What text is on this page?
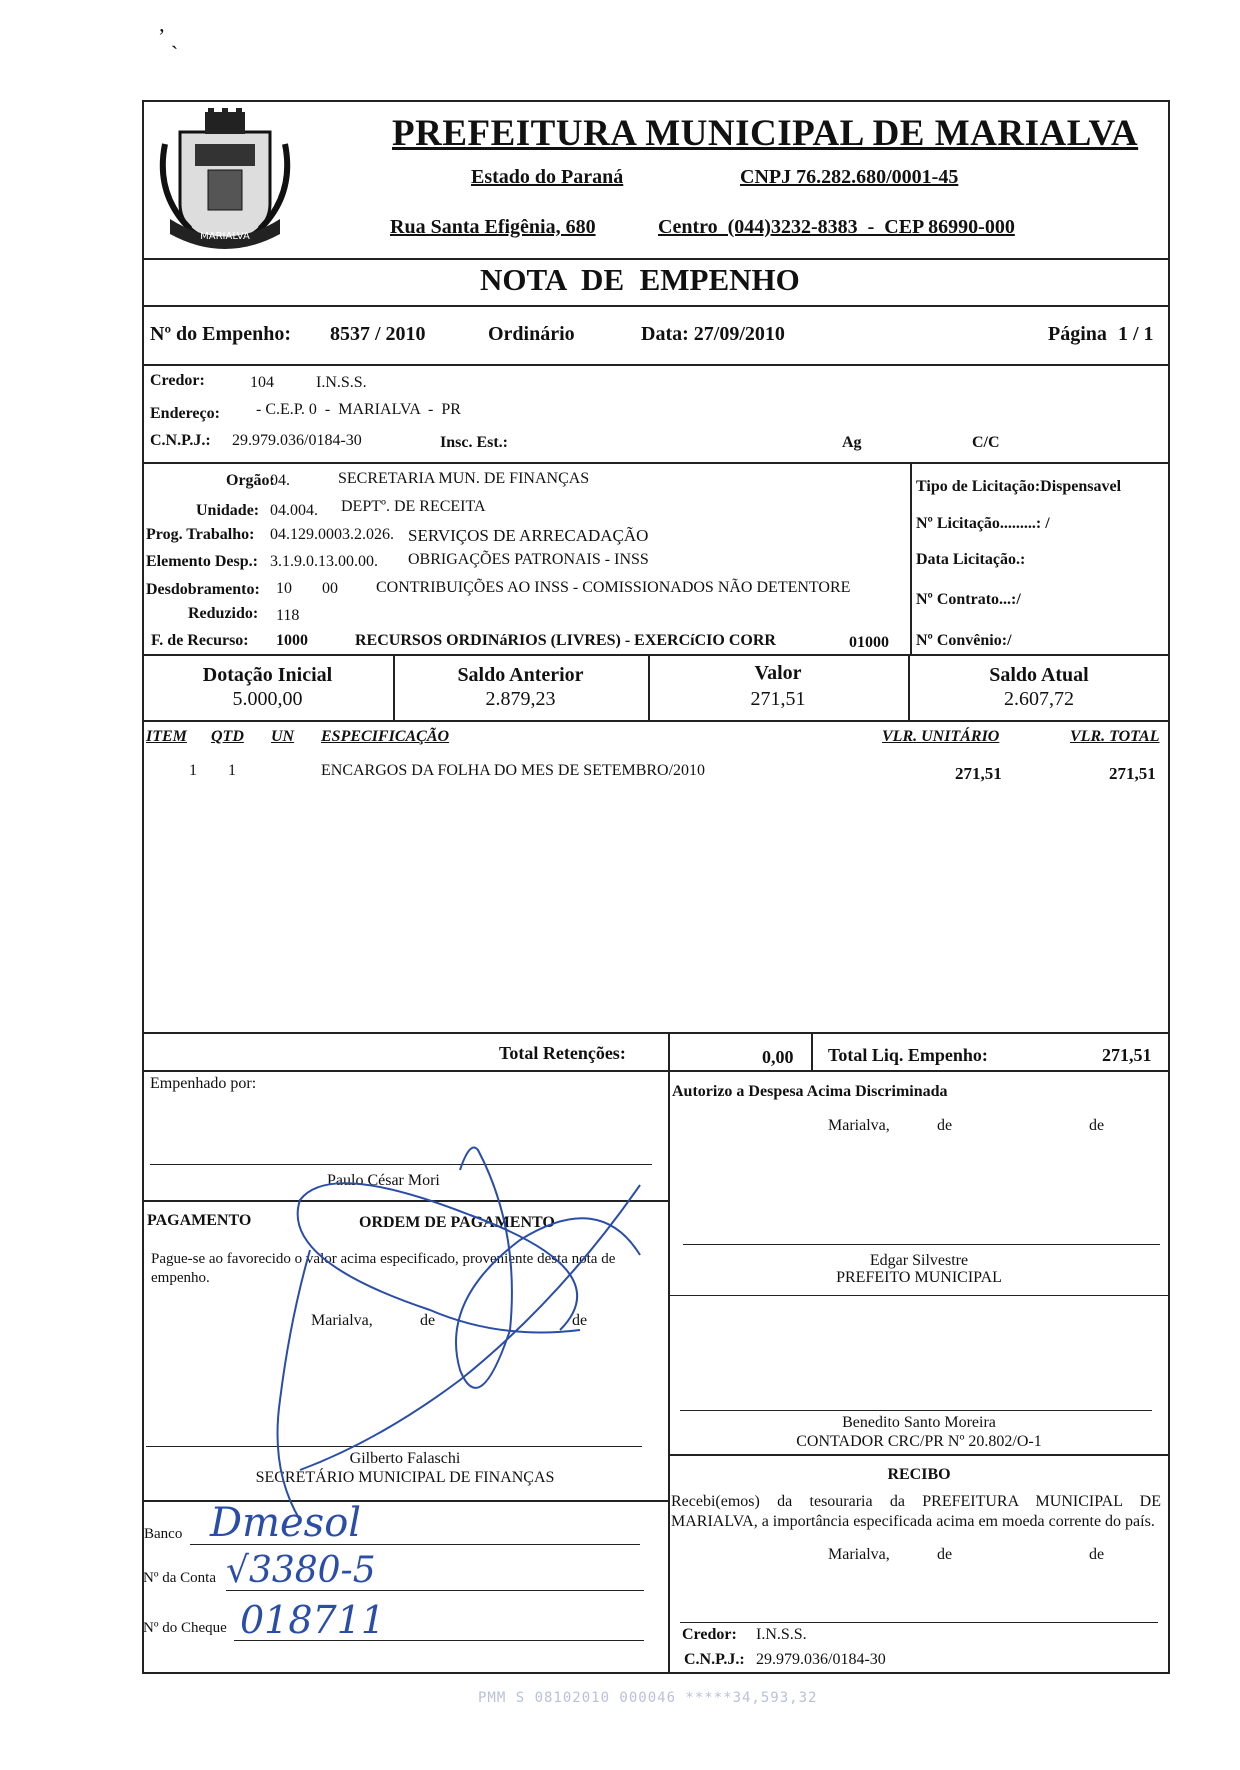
ʼ ˎ
MARIALVA
PREFEITURA MUNICIPAL DE MARIALVA
Estado do Paraná	CNPJ 76.282.680/0001-45
Rua Santa Efigênia, 680	Centro  (044)3232-8383  -  CEP 86990-000
NOTA  DE  EMPENHO
Nº do Empenho: 8537 / 2010	Ordinário	Data: 27/09/2010	Página 1 / 1
Credor:	104	I.N.S.S.
Endereço: - C.E.P. 0  -  MARIALVA  -  PR
C.N.P.J.: 29.979.036/0184-30	Insc. Est.:	Ag	C/C
Orgão:
04.	SECRETARIA MUN. DE FINANÇAS
Unidade: 04.004. DEPTº. DE RECEITA
Prog. Trabalho: 04.129.0003.2.026. SERVIÇOS DE ARRECADAÇÃO
Elemento Desp.: 3.1.9.0.13.00.00. OBRIGAÇÕES PATRONAIS - INSS
Desdobramento: 10 00 CONTRIBUIÇÕES AO INSS - COMISSIONADOS NÃO DETENTORE
Reduzido: 118
F. de Recurso: 1000	RECURSOS ORDINáRIOS (LIVRES) - EXERCíCIO CORR	01000
Tipo de Licitação:Dispensavel
Nº Licitação.........: /
Data Licitação.:
Nº Contrato...:/
Nº Convênio:/
Dotação Inicial
5.000,00
Saldo Anterior
2.879,23
Valor
271,51
Saldo Atual
2.607,72
ITEM QTD UN ESPECIFICAÇÃO	VLR. UNITÁRIO	VLR. TOTAL
1 1	ENCARGOS DA FOLHA DO MES DE SETEMBRO/2010	271,51	271,51
Total Retenções:	0,00 Total Liq. Empenho:	271,51
Empenhado por:
Paulo César Mori
Autorizo a Despesa Acima Discriminada
Marialva,	de	de
Edgar Silvestre
PREFEITO MUNICIPAL
PAGAMENTO	ORDEM DE PAGAMENTO
Pague-se ao favorecido o valor acima especificado, proveniente desta nota de empenho.
Marialva,	de	de
Gilberto Falaschi
SECRETÁRIO MUNICIPAL DE FINANÇAS
Benedito Santo Moreira
CONTADOR CRC/PR Nº 20.802/O-1
RECIBO
Recebi(emos) da tesouraria da PREFEITURA MUNICIPAL DE MARIALVA, a importância especificada acima em moeda corrente do país.
Marialva,	de	de
Credor: I.N.S.S.
C.N.P.J.: 29.979.036/0184-30
Banco Dmesol
Nº da Conta √3380-5
Nº do Cheque 018711
PMM S 08102010 000046 *****34,593,32
